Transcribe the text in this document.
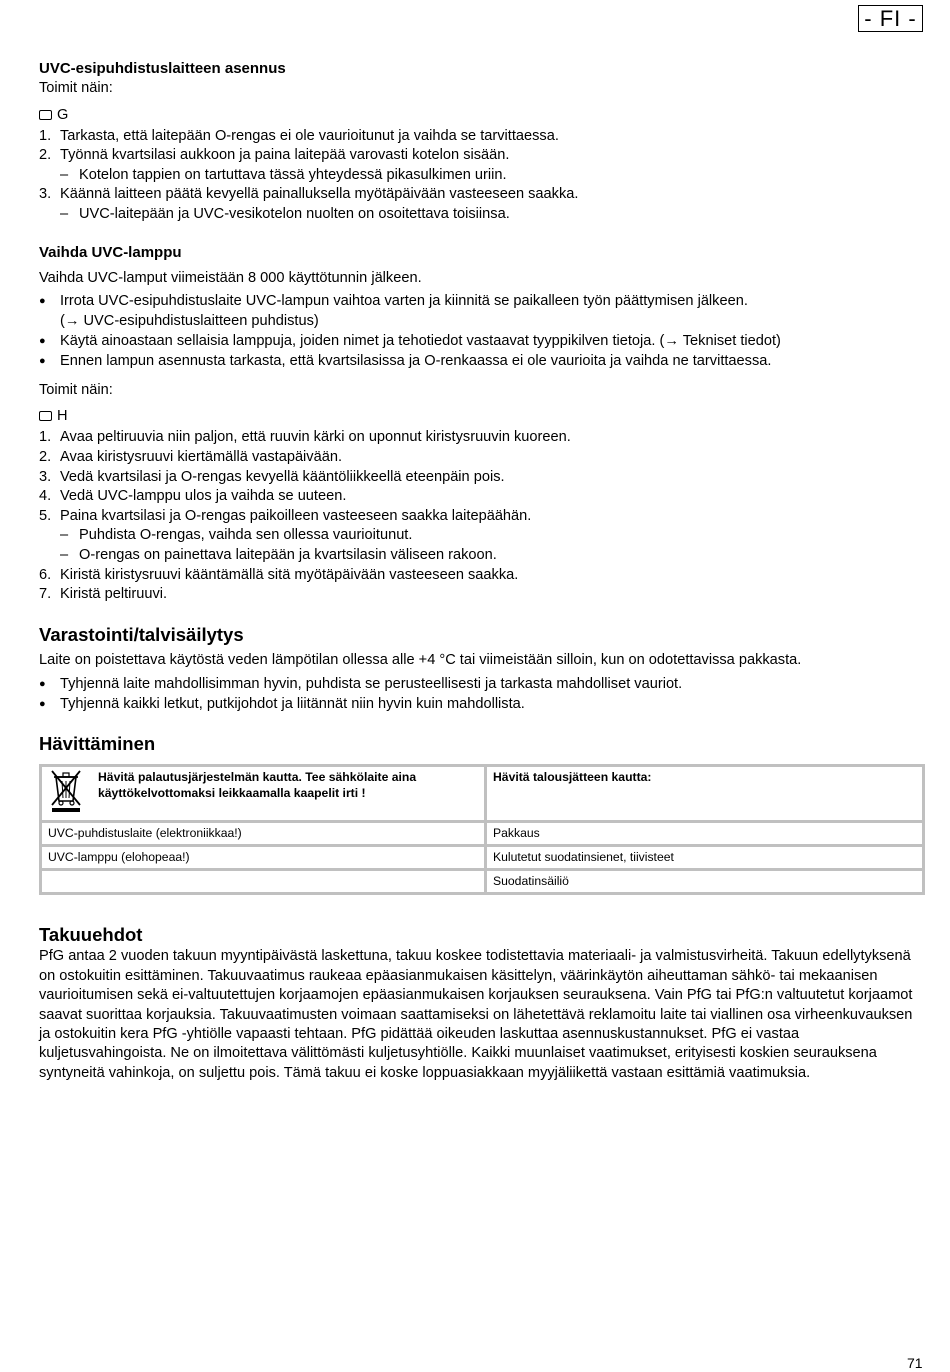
- FI -
UVC-esipuhdistuslaitteen asennus
Toimit näin:
G
1. Tarkasta, että laitepään O-rengas ei ole vaurioitunut ja vaihda se tarvittaessa.
2. Työnnä kvartsilasi aukkoon ja paina laitepää varovasti kotelon sisään.
– Kotelon tappien on tartuttava tässä yhteydessä pikasulkimen uriin.
3. Käännä laitteen päätä kevyellä painalluksella myötäpäivään vasteeseen saakka.
– UVC-laitepään ja UVC-vesikotelon nuolten on osoitettava toisiinsa.
Vaihda UVC-lamppu
Vaihda UVC-lamput viimeistään 8 000 käyttötunnin jälkeen.
● Irrota UVC-esipuhdistuslaite UVC-lampun vaihtoa varten ja kiinnitä se paikalleen työn päättymisen jälkeen.
(→ UVC-esipuhdistuslaitteen puhdistus)
● Käytä ainoastaan sellaisia lamppuja, joiden nimet ja tehotiedot vastaavat tyyppikilven tietoja. (→ Tekniset tiedot)
● Ennen lampun asennusta tarkasta, että kvartsilasissa ja O-renkaassa ei ole vaurioita ja vaihda ne tarvittaessa.
Toimit näin:
H
1. Avaa peltiruuvia niin paljon, että ruuvin kärki on uponnut kiristysruuvin kuoreen.
2. Avaa kiristysruuvi kiertämällä vastapäivään.
3. Vedä kvartsilasi ja O-rengas kevyellä kääntöliikkeellä eteenpäin pois.
4. Vedä UVC-lamppu ulos ja vaihda se uuteen.
5. Paina kvartsilasi ja O-rengas paikoilleen vasteeseen saakka laitepäähän.
– Puhdista O-rengas, vaihda sen ollessa vaurioitunut.
– O-rengas on painettava laitepään ja kvartsilasin väliseen rakoon.
6. Kiristä kiristysruuvi kääntämällä sitä myötäpäivään vasteeseen saakka.
7. Kiristä peltiruuvi.
Varastointi/talvisäilytys
Laite on poistettava käytöstä veden lämpötilan ollessa alle +4 °C tai viimeistään silloin, kun on odotettavissa pakkasta.
● Tyhjennä laite mahdollisimman hyvin, puhdista se perusteellisesti ja tarkasta mahdolliset vauriot.
● Tyhjennä kaikki letkut, putkijohdot ja liitännät niin hyvin kuin mahdollista.
Hävittäminen
Hävitä palautusjärjestelmän kautta. Tee sähkölaite aina käyttökelvottomaksi leikkaamalla kaapelit irti !	Hävitä talousjätteen kautta:
UVC-puhdistuslaite (elektroniikkaa!)	Pakkaus
UVC-lamppu (elohopeaa!)	Kulutetut suodatinsienet, tiivisteet
	Suodatinsäiliö
Takuuehdot
PfG antaa 2 vuoden takuun myyntipäivästä laskettuna, takuu koskee todistettavia materiaali- ja valmistusvirheitä. Takuun edellytyksenä on ostokuitin esittäminen. Takuuvaatimus raukeaa epäasianmukaisen käsittelyn, väärinkäytön aiheuttaman sähkö- tai mekaanisen vaurioitumisen sekä ei-valtuutettujen korjaamojen epäasianmukaisen korjauksen seurauksena. Vain PfG tai PfG:n valtuutetut korjaamot saavat suorittaa korjauksia. Takuuvaatimusten voimaan saattamiseksi on lähetettävä reklamoitu laite tai viallinen osa virheenkuvauksen ja ostokuitin kera PfG -yhtiölle vapaasti tehtaan. PfG pidättää oikeuden laskuttaa asennuskustannukset. PfG ei vastaa kuljetusvahingoista. Ne on ilmoitettava välittömästi kuljetusyhtiölle. Kaikki muunlaiset vaatimukset, erityisesti koskien seurauksena syntyneitä vahinkoja, on suljettu pois. Tämä takuu ei koske loppuasiakkaan myyjäliikettä vastaan esittämiä vaatimuksia.
71
